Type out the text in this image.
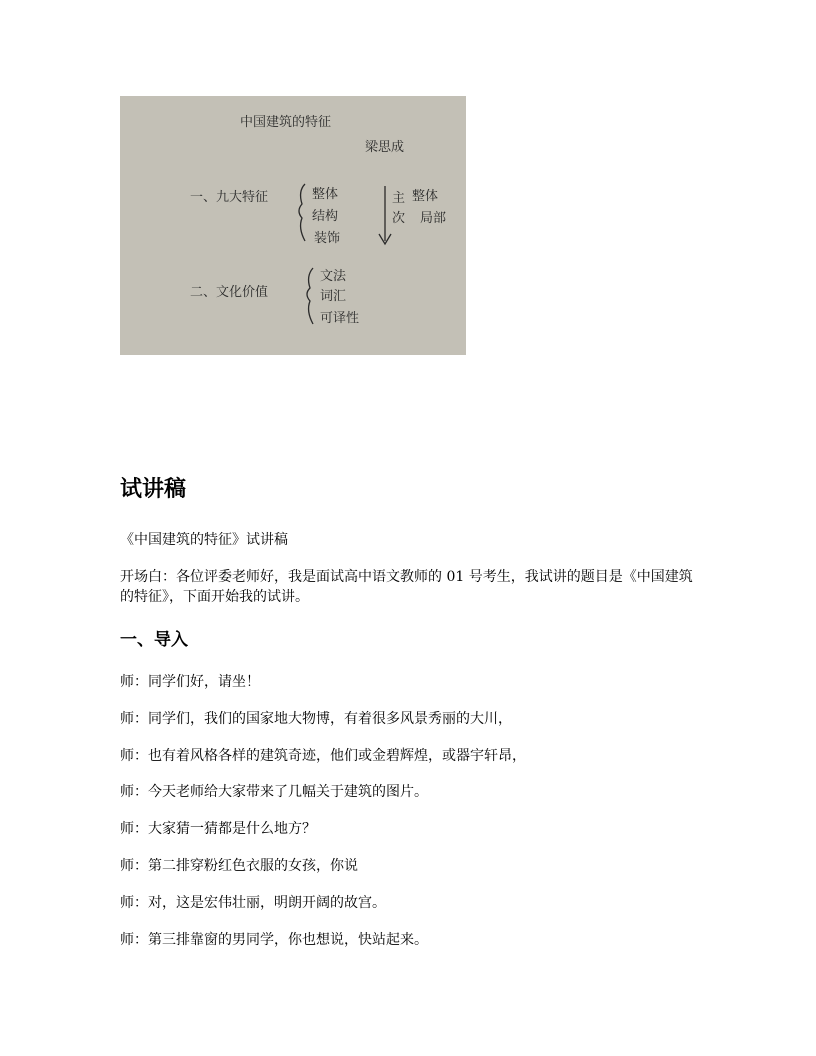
中国建筑的特征
梁思成
一、九大特征	整体
结构
装饰
主
次
整体
局部
二、文化价值
文法
词汇
可译性
试讲稿

《中国建筑的特征》试讲稿

开场白：各位评委老师好，我是面试高中语文教师的 01 号考生，我试讲的题目是《中国建筑的特征》，下面开始我的试讲。

一、导入

师：同学们好，请坐！

师：同学们，我们的国家地大物博，有着很多风景秀丽的大川，

师：也有着风格各样的建筑奇迹，他们或金碧辉煌，或器宇轩昂，

师：今天老师给大家带来了几幅关于建筑的图片。

师：大家猜一猜都是什么地方？

师：第二排穿粉红色衣服的女孩，你说

师：对，这是宏伟壮丽，明朗开阔的故宫。

师：第三排靠窗的男同学，你也想说，快站起来。
